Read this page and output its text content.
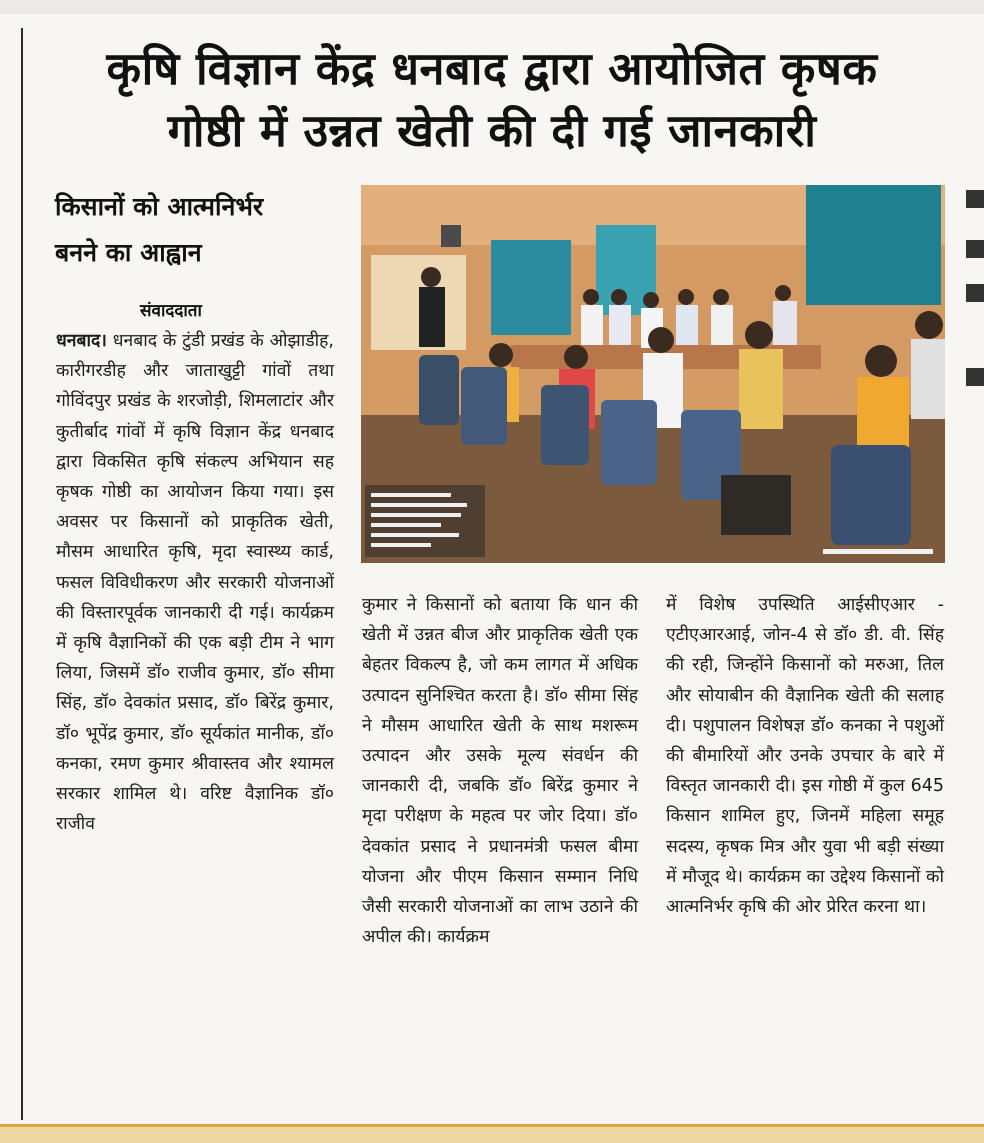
कृषि विज्ञान केंद्र धनबाद द्वारा आयोजित कृषक
गोष्ठी में उन्नत खेती की दी गई जानकारी
किसानों को आत्मनिर्भर
बनने का आह्वान
संवाददाता
धनबाद। धनबाद के टुंडी प्रखंड के ओझाडीह, कारीगरडीह और जाताखुट्टी गांवों तथा गोविंदपुर प्रखंड के शरजोड़ी, शिमलाटांर और कुतीर्बाद गांवों में कृषि विज्ञान केंद्र धनबाद द्वारा विकसित कृषि संकल्प अभियान सह कृषक गोष्ठी का आयोजन किया गया। इस अवसर पर किसानों को प्राकृतिक खेती, मौसम आधारित कृषि, मृदा स्वास्थ्य कार्ड, फसल विविधीकरण और सरकारी योजनाओं की विस्तारपूर्वक जानकारी दी गई। कार्यक्रम में कृषि वैज्ञानिकों की एक बड़ी टीम ने भाग लिया, जिसमें डॉ० राजीव कुमार, डॉ० सीमा सिंह, डॉ० देवकांत प्रसाद, डॉ० बिरेंद्र कुमार, डॉ० भूपेंद्र कुमार, डॉ० सूर्यकांत मानीक, डॉ० कनका, रमण कुमार श्रीवास्तव और श्यामल सरकार शामिल थे। वरिष्ट वैज्ञानिक डॉ० राजीव
कुमार ने किसानों को बताया कि धान की खेती में उन्नत बीज और प्राकृतिक खेती एक बेहतर विकल्प है, जो कम लागत में अधिक उत्पादन सुनिश्चित करता है। डॉ० सीमा सिंह ने मौसम आधारित खेती के साथ मशरूम उत्पादन और उसके मूल्य संवर्धन की जानकारी दी, जबकि डॉ० बिरेंद्र कुमार ने मृदा परीक्षण के महत्व पर जोर दिया। डॉ० देवकांत प्रसाद ने प्रधानमंत्री फसल बीमा योजना और पीएम किसान सम्मान निधि जैसी सरकारी योजनाओं का लाभ उठाने की अपील की। कार्यक्रम
में विशेष उपस्थिति आईसीएआर - एटीएआरआई, जोन-4 से डॉ० डी. वी. सिंह की रही, जिन्होंने किसानों को मरुआ, तिल और सोयाबीन की वैज्ञानिक खेती की सलाह दी। पशुपालन विशेषज्ञ डॉ० कनका ने पशुओं की बीमारियों और उनके उपचार के बारे में विस्तृत जानकारी दी। इस गोष्ठी में कुल 645 किसान शामिल हुए, जिनमें महिला समूह सदस्य, कृषक मित्र और युवा भी बड़ी संख्या में मौजूद थे। कार्यक्रम का उद्देश्य किसानों को आत्मनिर्भर कृषि की ओर प्रेरित करना था।
